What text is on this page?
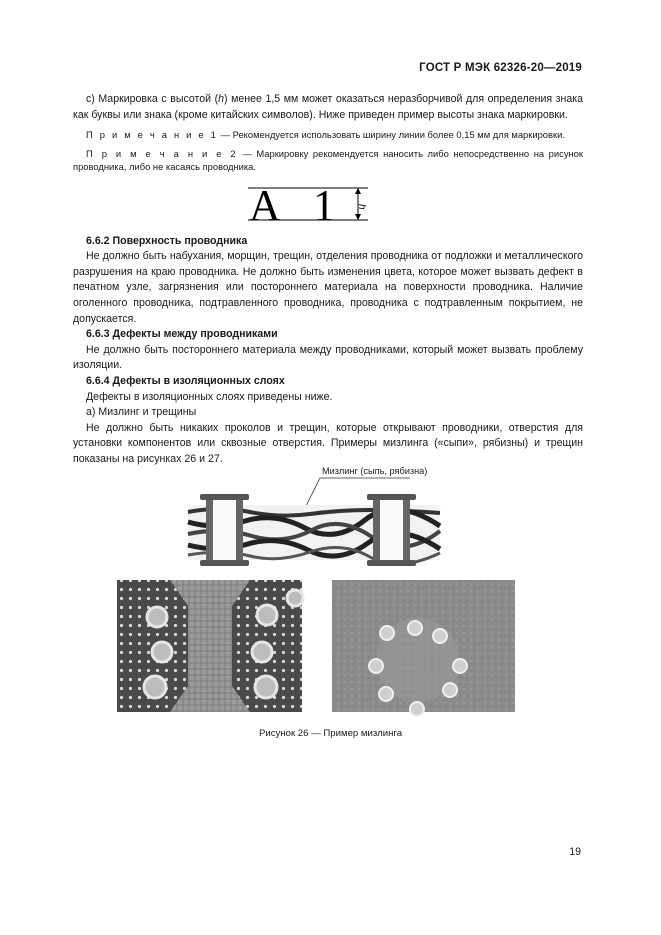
ГОСТ Р МЭК 62326-20—2019

c) Маркировка с высотой (h) менее 1,5 мм может оказаться неразборчивой для определения знака как буквы или знака (кроме китайских символов). Ниже приведен пример высоты знака маркировки.

П р и м е ч а н и е 1 — Рекомендуется использовать ширину линии более 0,15 мм для маркировки.

П р и м е ч а н и е 2 — Маркировку рекомендуется наносить либо непосредственно на рисунок проводника, либо не касаясь проводника.

A 1 h

6.6.2 Поверхность проводника

Не должно быть набухания, морщин, трещин, отделения проводника от подложки и металлического разрушения на краю проводника. Не должно быть изменения цвета, которое может вызвать дефект в печатном узле, загрязнения или постороннего материала на поверхности проводника. Наличие оголенного проводника, подтравленного проводника, проводника с подтравленным покрытием, не допускается.

6.6.3 Дефекты между проводниками

Не должно быть постороннего материала между проводниками, который может вызвать проблему изоляции.

6.6.4 Дефекты в изоляционных слоях

Дефекты в изоляционных слоях приведены ниже.

a) Мизлинг и трещины

Не должно быть никаких проколов и трещин, которые открывают проводники, отверстия для установки компонентов или сквозные отверстия. Примеры мизлинга («сыпи», рябизны) и трещин показаны на рисунках 26 и 27.

Мизлинг (сыпь, рябизна)
Рисунок 26 — Пример мизлинга
19
